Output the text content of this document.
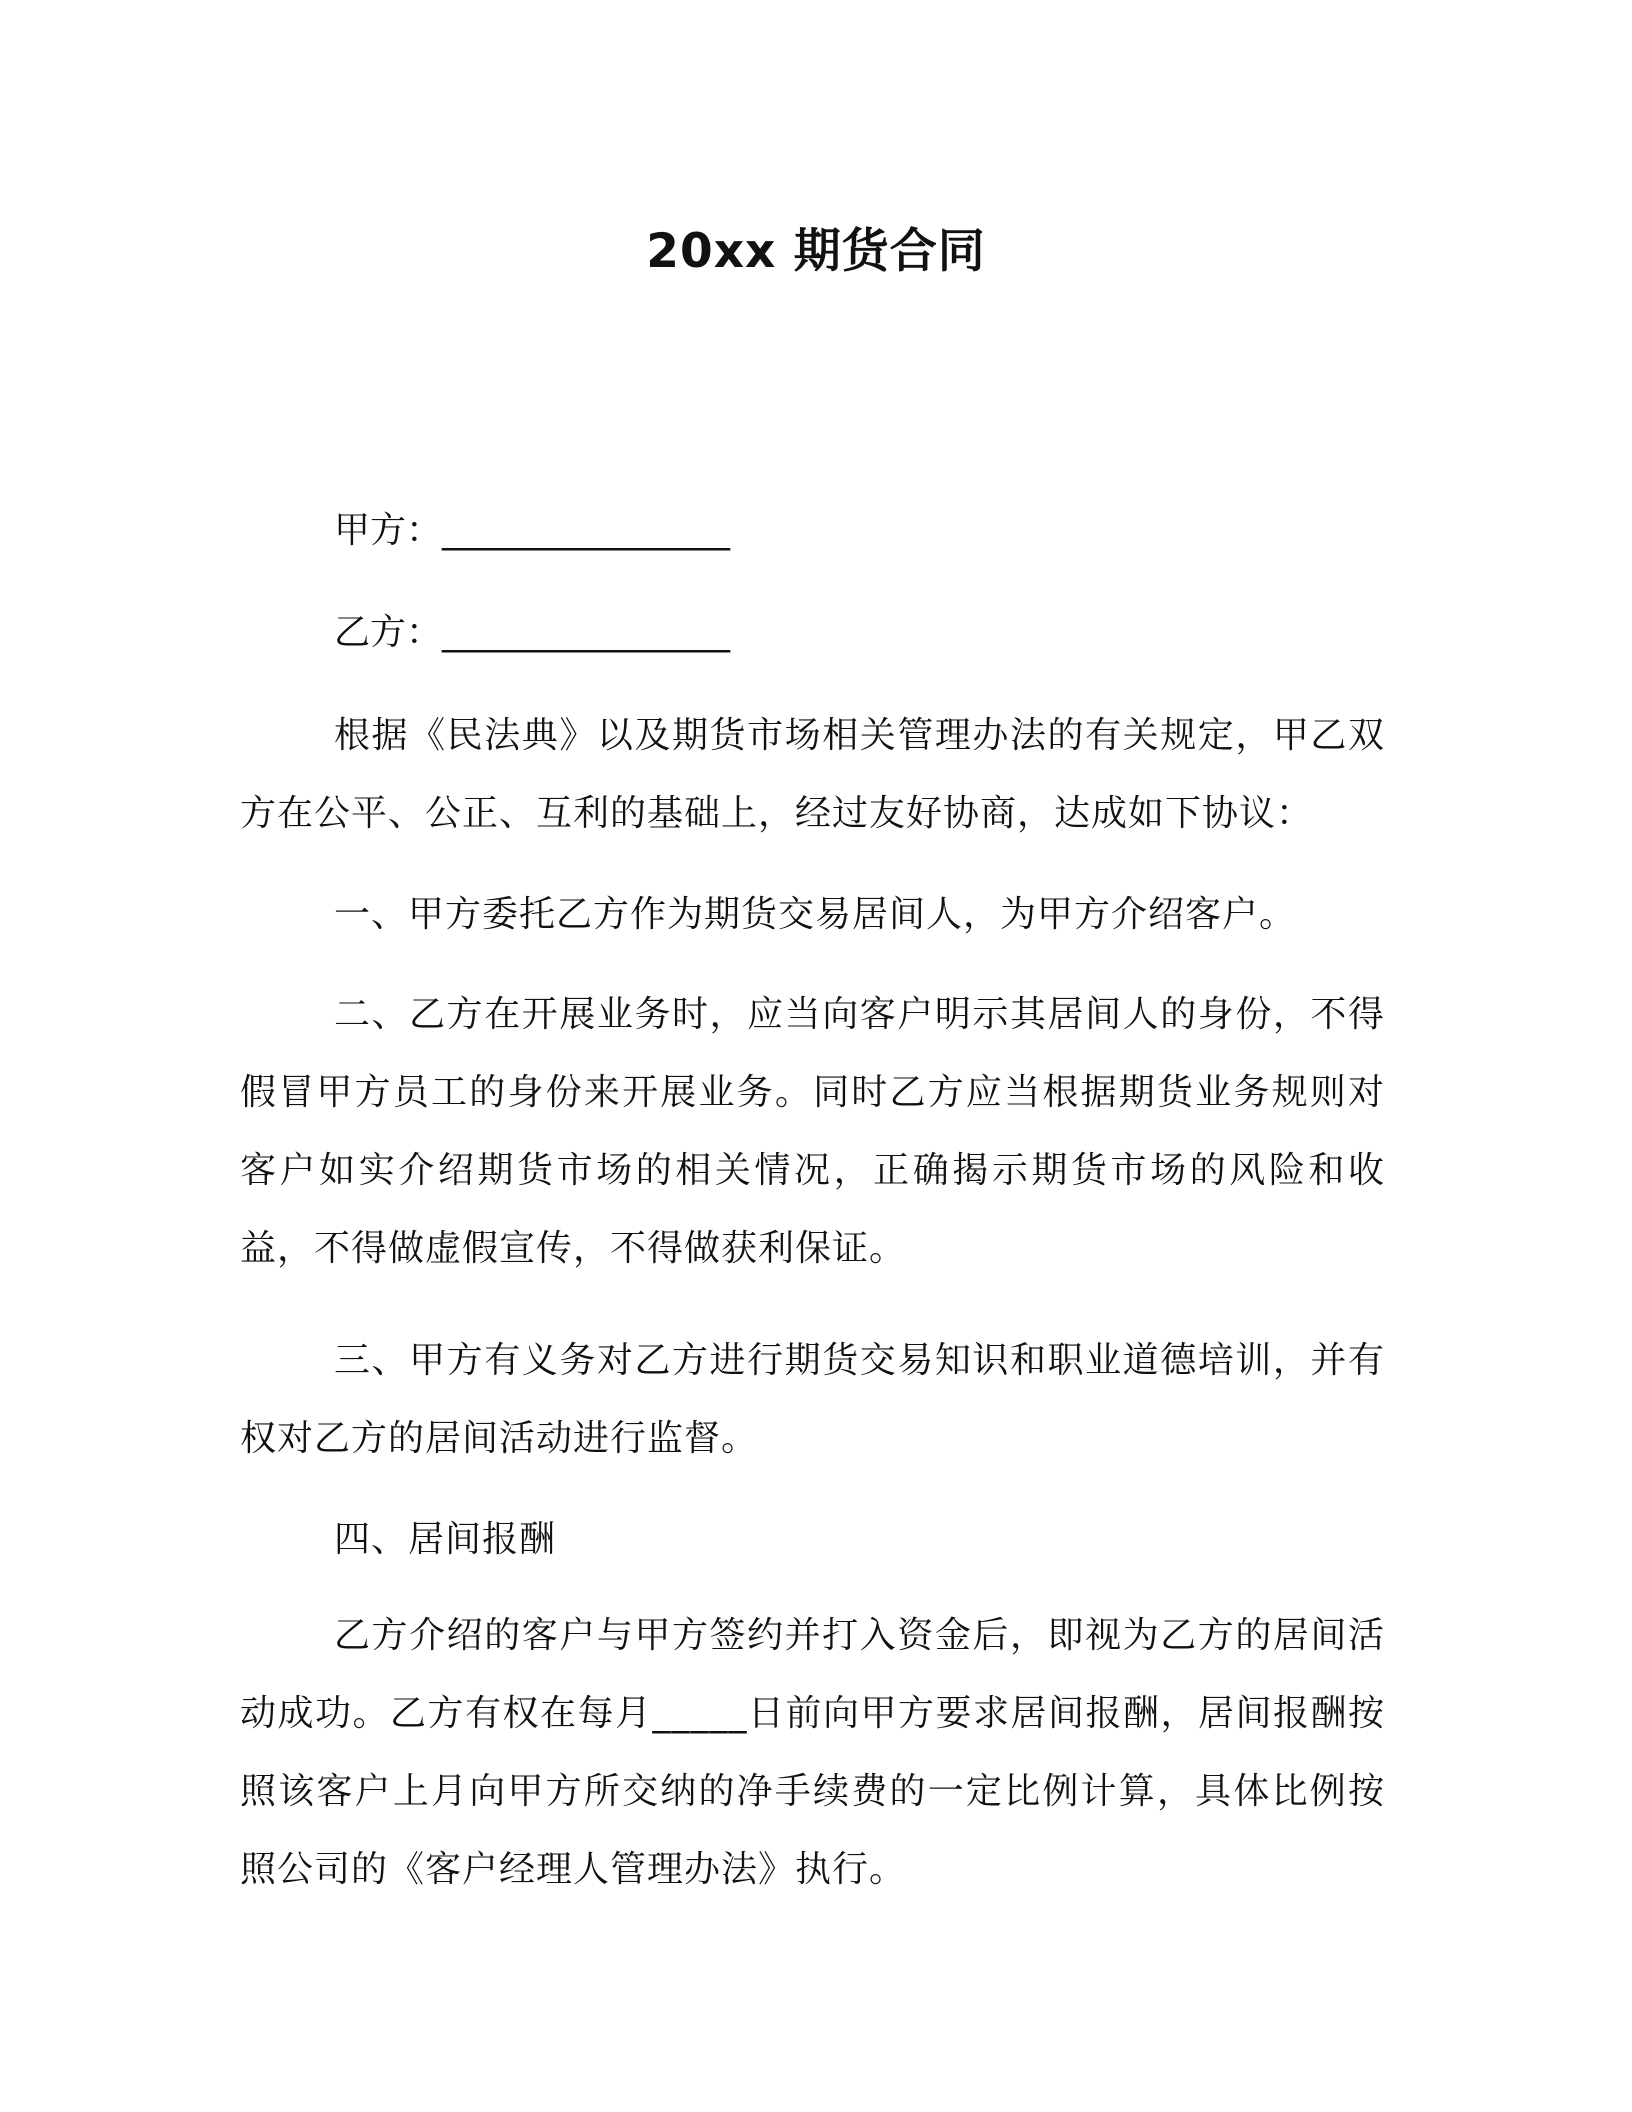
20xx 期货合同

甲方：________________

乙方：________________

根据《民法典》以及期货市场相关管理办法的有关规定，甲乙双方在公平、公正、互利的基础上，经过友好协商，达成如下协议：

一、甲方委托乙方作为期货交易居间人，为甲方介绍客户。

二、乙方在开展业务时，应当向客户明示其居间人的身份，不得假冒甲方员工的身份来开展业务。同时乙方应当根据期货业务规则对客户如实介绍期货市场的相关情况，正确揭示期货市场的风险和收益，不得做虚假宣传，不得做获利保证。

三、甲方有义务对乙方进行期货交易知识和职业道德培训，并有权对乙方的居间活动进行监督。

四、居间报酬

乙方介绍的客户与甲方签约并打入资金后，即视为乙方的居间活动成功。乙方有权在每月_____日前向甲方要求居间报酬，居间报酬按照该客户上月向甲方所交纳的净手续费的一定比例计算，具体比例按照公司的《客户经理人管理办法》执行。
